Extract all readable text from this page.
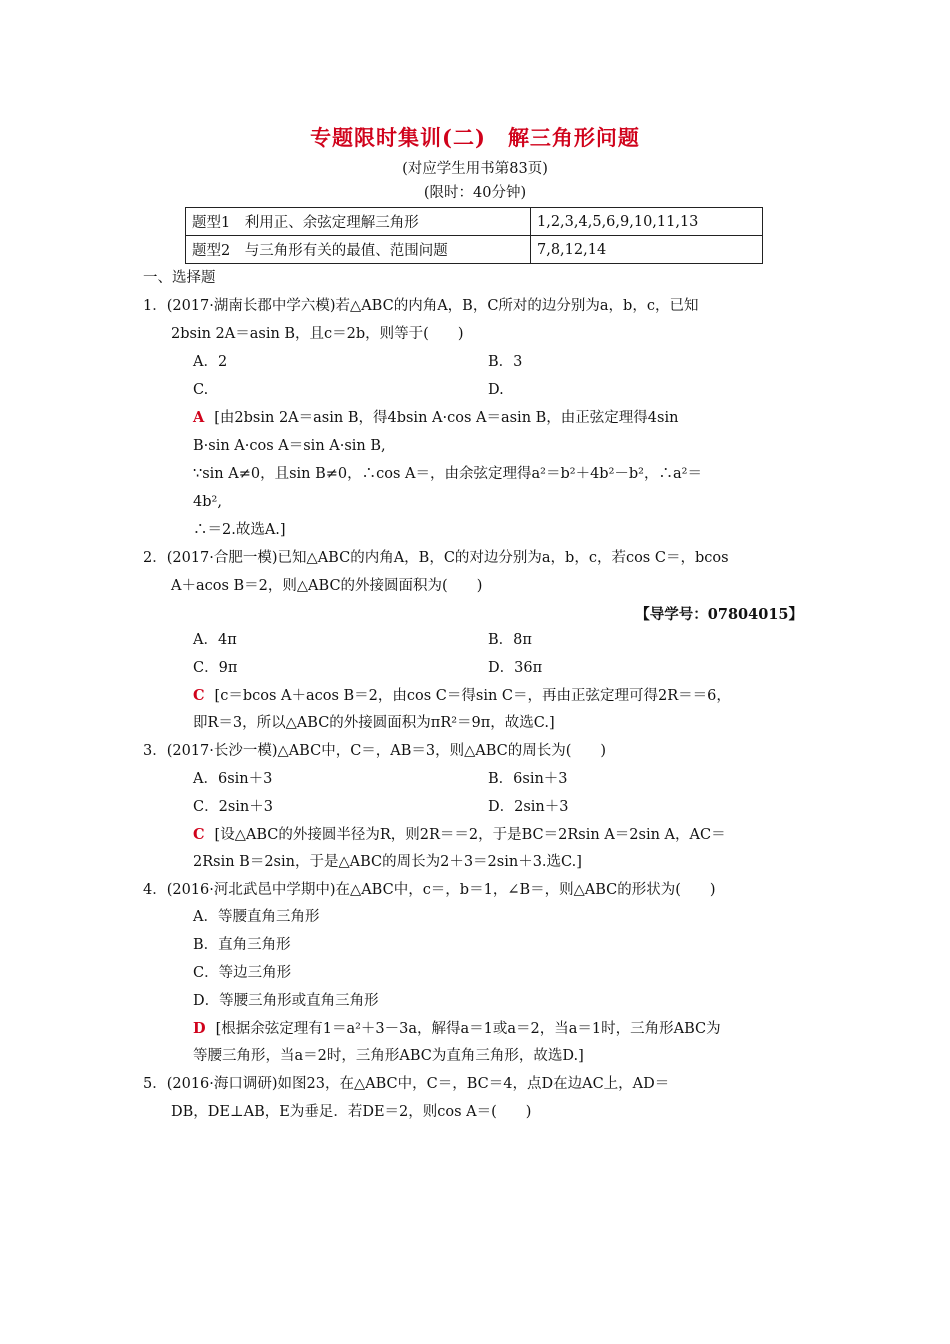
专题限时集训(二) 解三角形问题
(对应学生用书第83页)
(限时：40分钟)
题型1　利用正、余弦定理解三角形	1,2,3,4,5,6,9,10,11,13
题型2　与三角形有关的最值、范围问题	7,8,12,14
一、选择题
1．(2017·湖南长郡中学六模)若△ABC的内角A，B，C所对的边分别为a，b，c，已知
2bsin 2A＝asin B，且c＝2b，则等于(　　)
A．2	B．3
C.	D.
A [由2bsin 2A＝asin B，得4bsin A·cos A＝asin B，由正弦定理得4sin
B·sin A·cos A＝sin A·sin B,
∵sin A≠0，且sin B≠0，∴cos A＝，由余弦定理得a²＝b²＋4b²－b²，∴a²＝
4b²,
∴＝2.故选A.]
2．(2017·合肥一模)已知△ABC的内角A，B，C的对边分别为a，b，c，若cos C＝，bcos
A＋acos B＝2，则△ABC的外接圆面积为(　　)
【导学号：07804015】
A．4π	B．8π
C．9π	D．36π
C [c＝bcos A＋acos B＝2，由cos C＝得sin C＝，再由正弦定理可得2R＝＝6，
即R＝3，所以△ABC的外接圆面积为πR²＝9π，故选C.]
3．(2017·长沙一模)△ABC中，C＝，AB＝3，则△ABC的周长为(　　)
A．6sin＋3	B．6sin＋3
C．2sin＋3	D．2sin＋3
C [设△ABC的外接圆半径为R，则2R＝＝2，于是BC＝2Rsin A＝2sin A，AC＝
2Rsin B＝2sin，于是△ABC的周长为2＋3＝2sin＋3.选C.]
4．(2016·河北武邑中学期中)在△ABC中，c＝，b＝1，∠B＝，则△ABC的形状为(　　)
A．等腰直角三角形
B．直角三角形
C．等边三角形
D．等腰三角形或直角三角形
D [根据余弦定理有1＝a²＋3－3a，解得a＝1或a＝2，当a＝1时，三角形ABC为
等腰三角形，当a＝2时，三角形ABC为直角三角形，故选D.]
5．(2016·海口调研)如图23，在△ABC中，C＝，BC＝4，点D在边AC上，AD＝
DB，DE⊥AB，E为垂足．若DE＝2，则cos A＝(　　)
